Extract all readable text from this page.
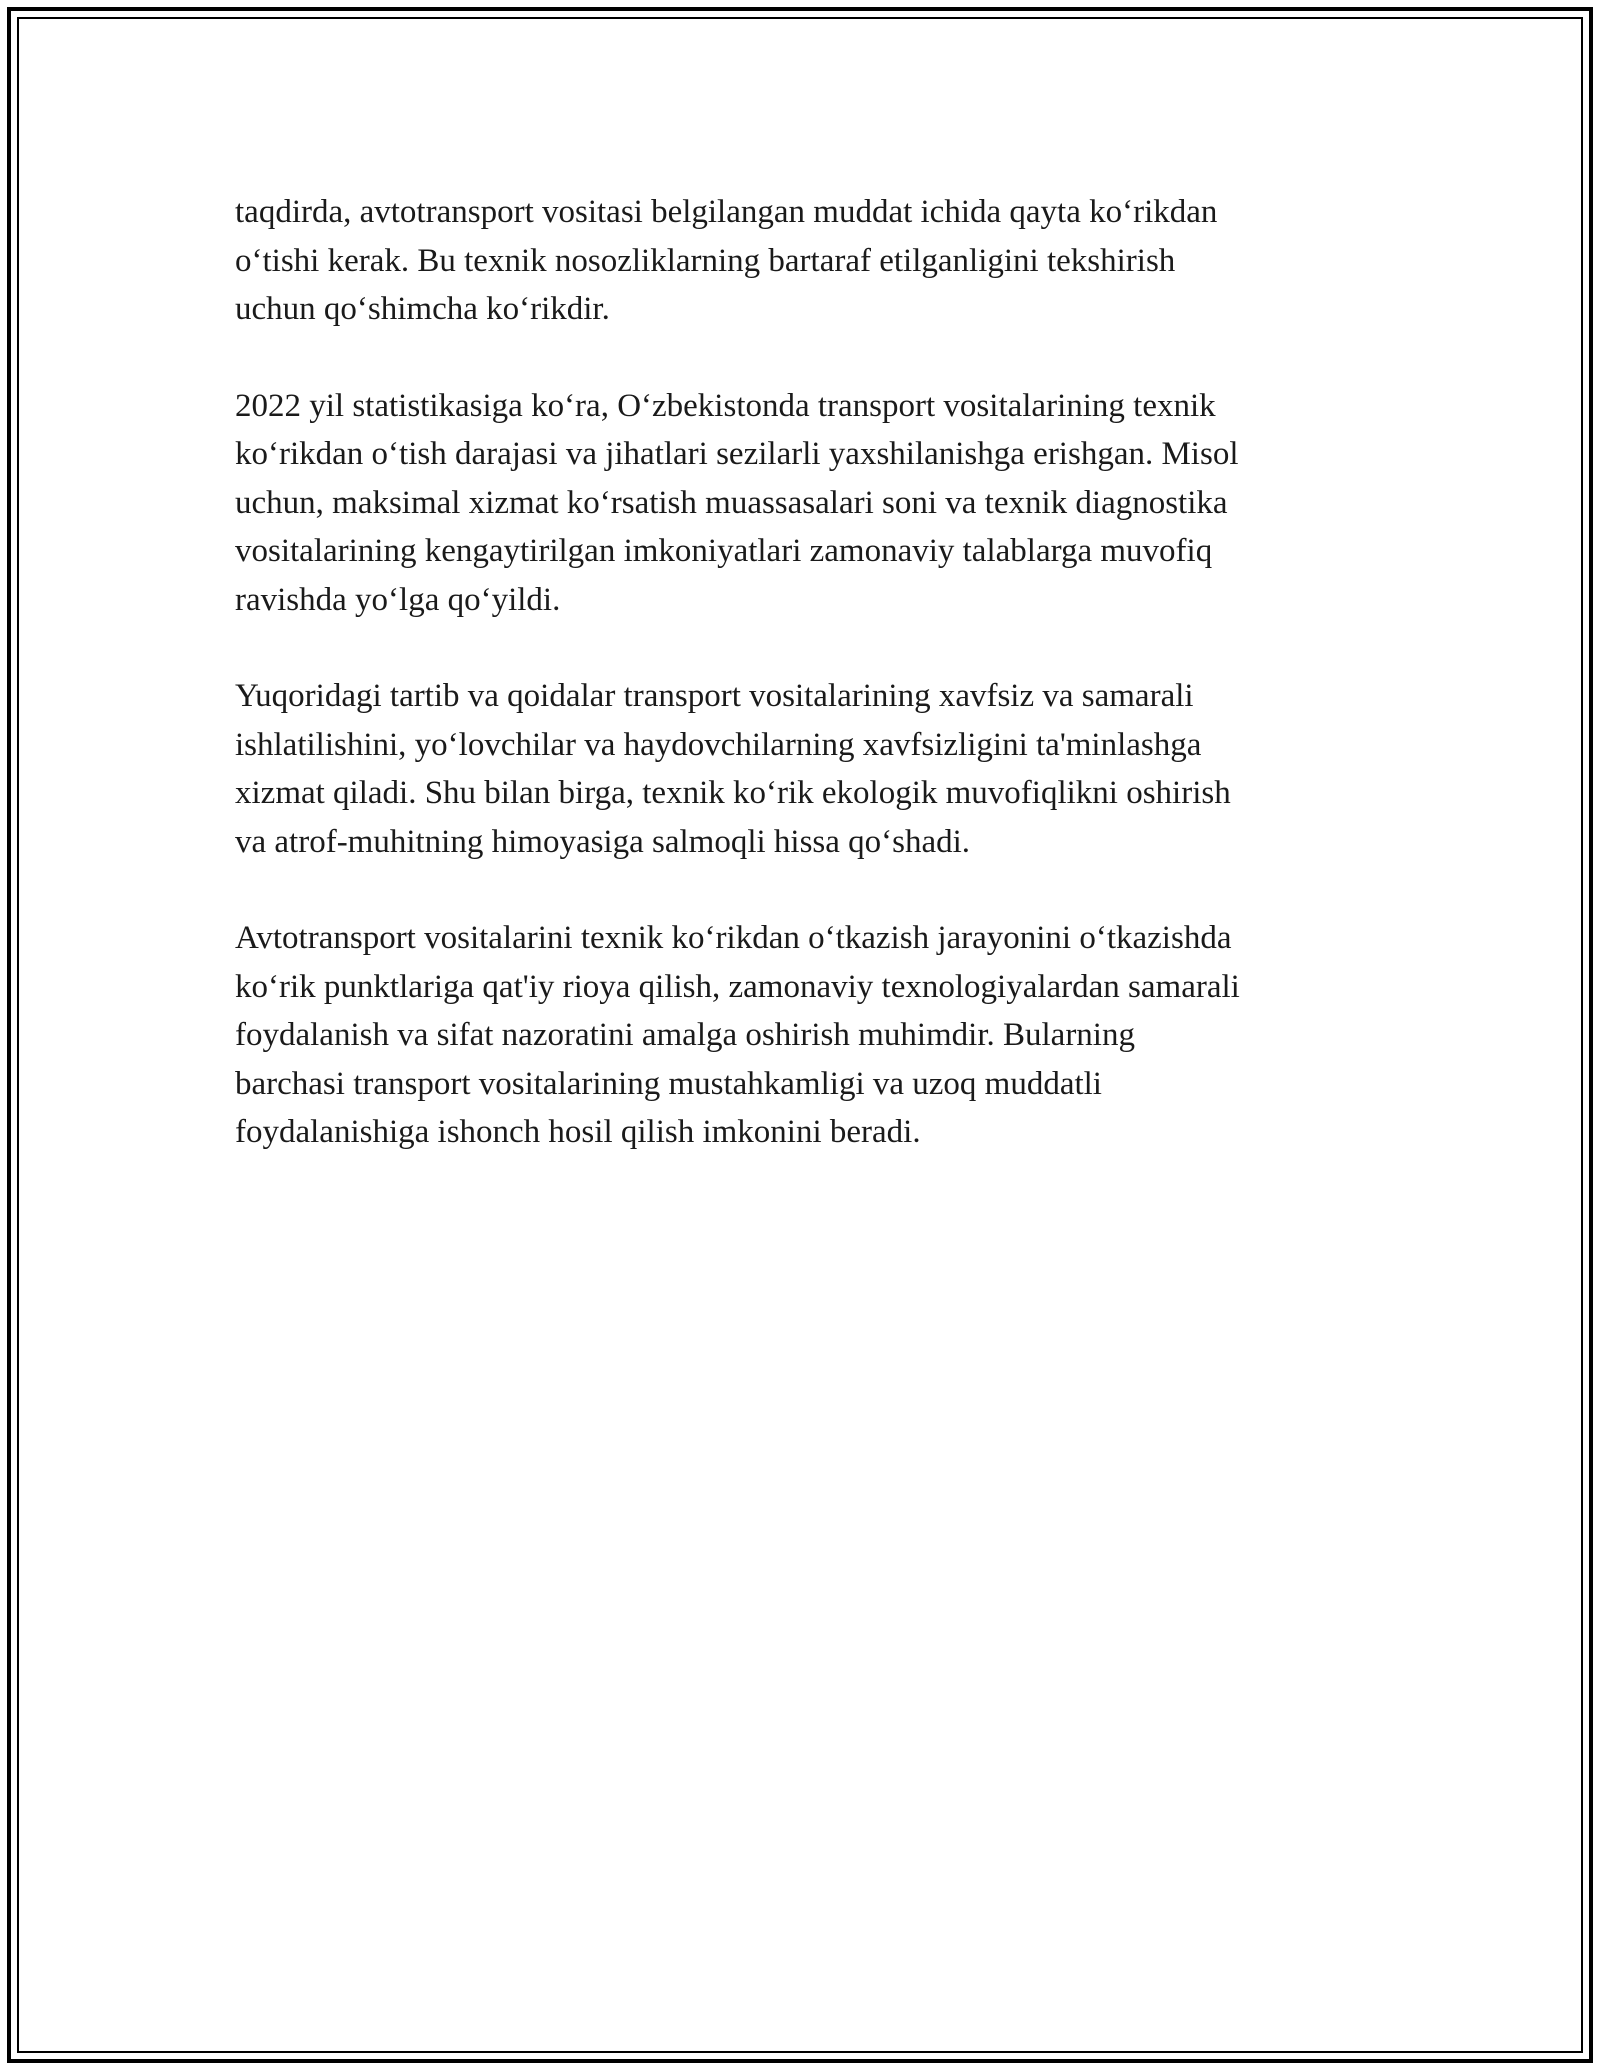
taqdirda, avtotransport vositasi belgilangan muddat ichida qayta ko‘rikdan
o‘tishi kerak. Bu texnik nosozliklarning bartaraf etilganligini tekshirish
uchun qo‘shimcha ko‘rikdir.

2022 yil statistikasiga ko‘ra, O‘zbekistonda transport vositalarining texnik
ko‘rikdan o‘tish darajasi va jihatlari sezilarli yaxshilanishga erishgan. Misol
uchun, maksimal xizmat ko‘rsatish muassasalari soni va texnik diagnostika
vositalarining kengaytirilgan imkoniyatlari zamonaviy talablarga muvofiq
ravishda yo‘lga qo‘yildi.

Yuqoridagi tartib va qoidalar transport vositalarining xavfsiz va samarali
ishlatilishini, yo‘lovchilar va haydovchilarning xavfsizligini ta'minlashga
xizmat qiladi. Shu bilan birga, texnik ko‘rik ekologik muvofiqlikni oshirish
va atrof-muhitning himoyasiga salmoqli hissa qo‘shadi.

Avtotransport vositalarini texnik ko‘rikdan o‘tkazish jarayonini o‘tkazishda
ko‘rik punktlariga qat'iy rioya qilish, zamonaviy texnologiyalardan samarali
foydalanish va sifat nazoratini amalga oshirish muhimdir. Bularning
barchasi transport vositalarining mustahkamligi va uzoq muddatli
foydalanishiga ishonch hosil qilish imkonini beradi.
